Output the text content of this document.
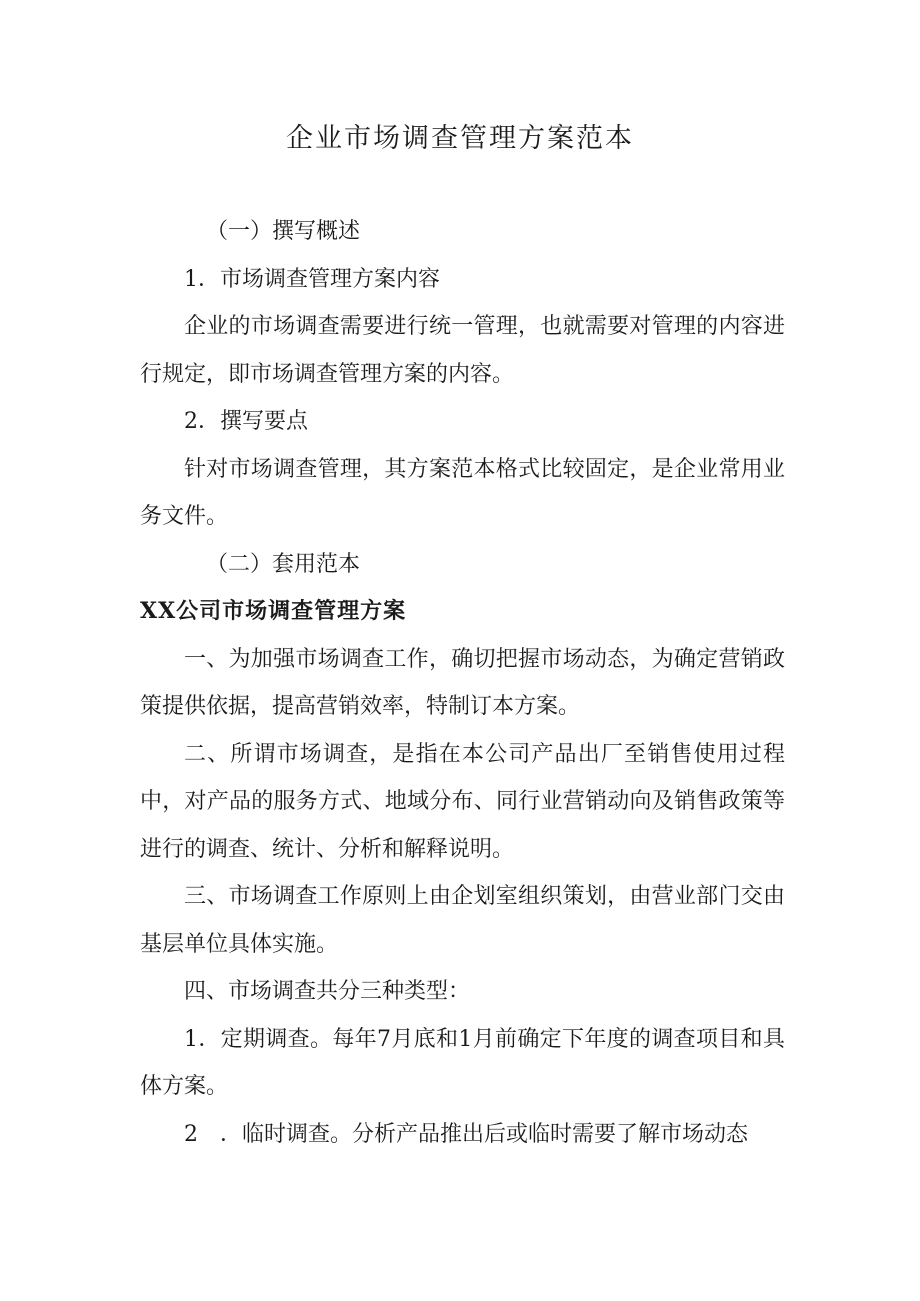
企业市场调查管理方案范本

（一）撰写概述

1．市场调查管理方案内容

企业的市场调查需要进行统一管理，也就需要对管理的内容进行规定，即市场调查管理方案的内容。

2．撰写要点

针对市场调查管理，其方案范本格式比较固定，是企业常用业务文件。

（二）套用范本

XX公司市场调查管理方案

一、为加强市场调查工作，确切把握市场动态，为确定营销政策提供依据，提高营销效率，特制订本方案。

二、所谓市场调查，是指在本公司产品出厂至销售使用过程中，对产品的服务方式、地域分布、同行业营销动向及销售政策等进行的调查、统计、分析和解释说明。

三、市场调查工作原则上由企划室组织策划，由营业部门交由基层单位具体实施。

四、市场调查共分三种类型：

1．定期调查。每年7月底和1月前确定下年度的调查项目和具体方案。

2　．临时调查。分析产品推出后或临时需要了解市场动态
